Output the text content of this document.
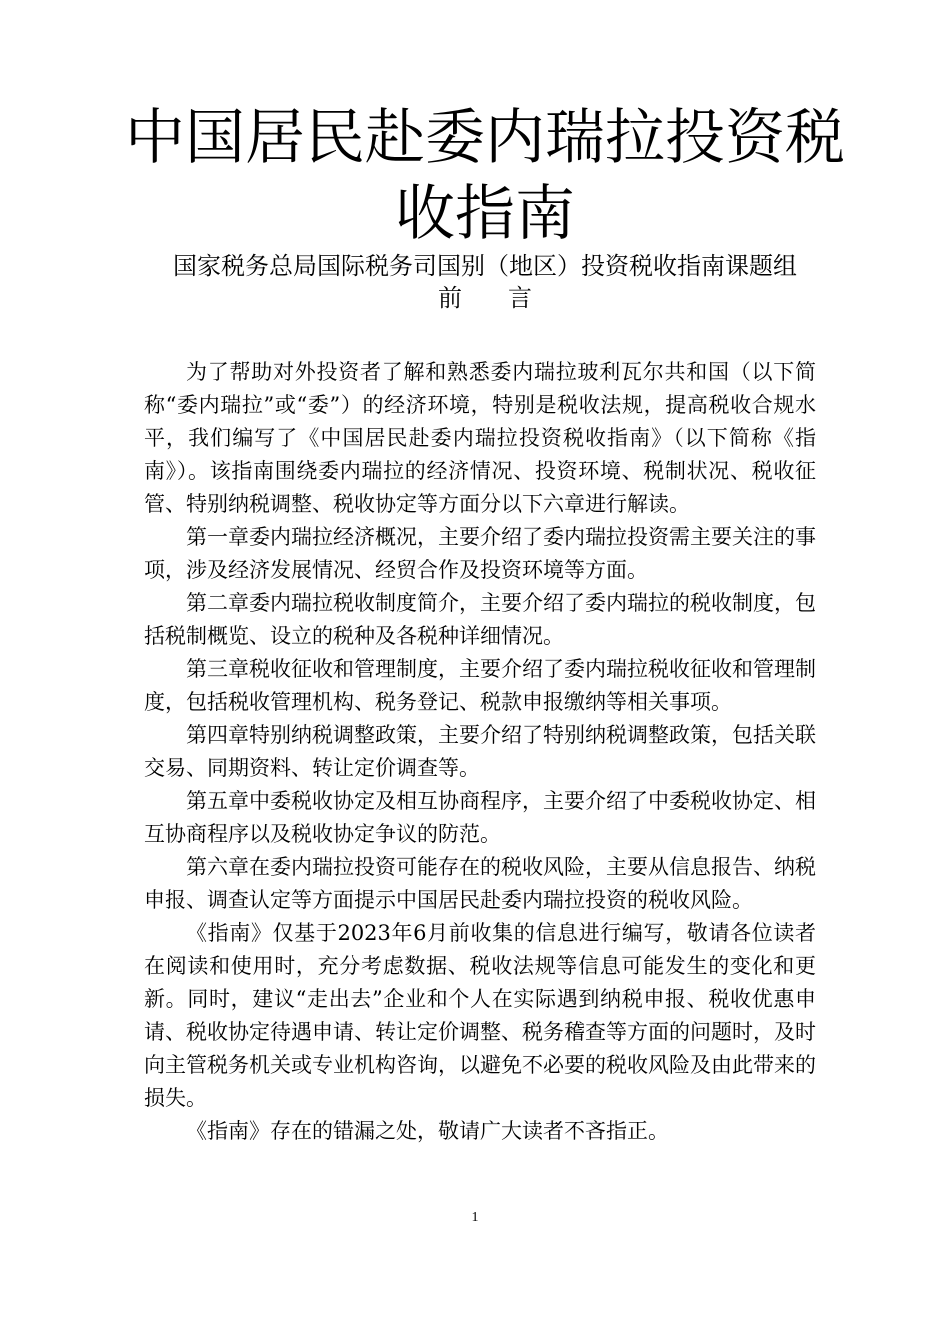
中国居民赴委内瑞拉投资税收指南
国家税务总局国际税务司国别（地区）投资税收指南课题组
前言

为了帮助对外投资者了解和熟悉委内瑞拉玻利瓦尔共和国（以下简称“委内瑞拉”或“委”）的经济环境，特别是税收法规，提高税收合规水平，我们编写了《中国居民赴委内瑞拉投资税收指南》（以下简称《指南》）。该指南围绕委内瑞拉的经济情况、投资环境、税制状况、税收征管、特别纳税调整、税收协定等方面分以下六章进行解读。

第一章委内瑞拉经济概况，主要介绍了委内瑞拉投资需主要关注的事项，涉及经济发展情况、经贸合作及投资环境等方面。

第二章委内瑞拉税收制度简介，主要介绍了委内瑞拉的税收制度，包括税制概览、设立的税种及各税种详细情况。

第三章税收征收和管理制度，主要介绍了委内瑞拉税收征收和管理制度，包括税收管理机构、税务登记、税款申报缴纳等相关事项。

第四章特别纳税调整政策，主要介绍了特别纳税调整政策，包括关联交易、同期资料、转让定价调查等。

第五章中委税收协定及相互协商程序，主要介绍了中委税收协定、相互协商程序以及税收协定争议的防范。

第六章在委内瑞拉投资可能存在的税收风险，主要从信息报告、纳税申报、调查认定等方面提示中国居民赴委内瑞拉投资的税收风险。

《指南》仅基于2023年6月前收集的信息进行编写，敬请各位读者在阅读和使用时，充分考虑数据、税收法规等信息可能发生的变化和更新。同时，建议“走出去”企业和个人在实际遇到纳税申报、税收优惠申请、税收协定待遇申请、转让定价调整、税务稽查等方面的问题时，及时向主管税务机关或专业机构咨询，以避免不必要的税收风险及由此带来的损失。

《指南》存在的错漏之处，敬请广大读者不吝指正。

1
